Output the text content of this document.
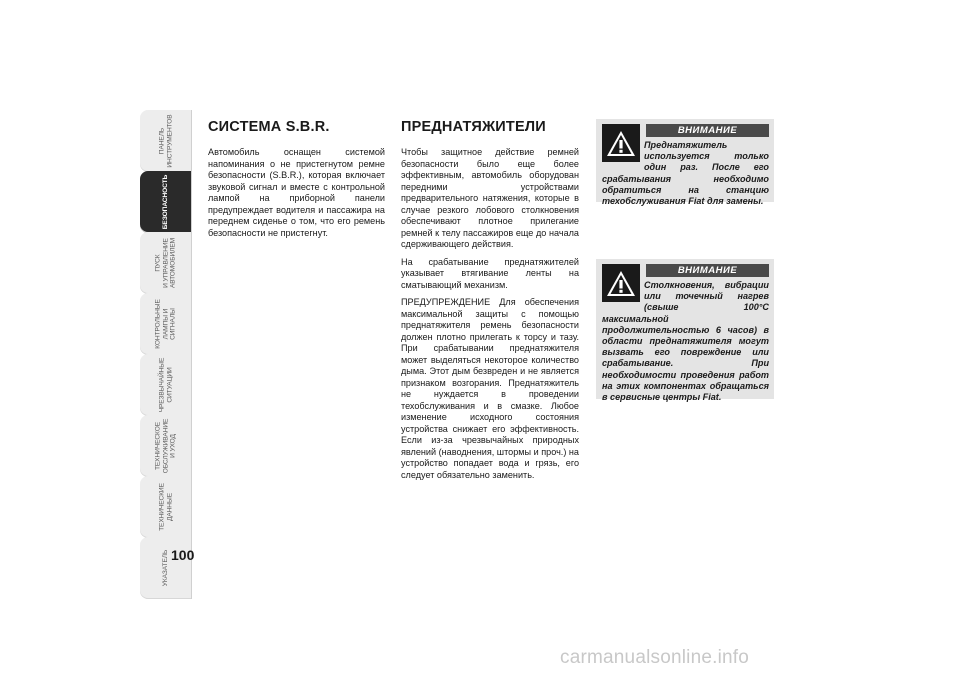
ПАНЕЛЬ
ИНСТРУМЕНТОВ
БЕЗОПАСНОСТЬ
ПУСК
И УПРАВЛЕНИЕ
АВТОМОБИЛЕМ
КОНТРОЛЬНЫЕ
ЛАМПЫ И
СИГНАЛЫ
ЧРЕЗВЫЧАЙНЫЕ
СИТУАЦИИ
ТЕХНИЧЕСКОЕ
ОБСЛУЖИВАНИЕ
И УХОД
ТЕХНИЧЕСКИЕ
ДАННЫЕ
УКАЗАТЕЛЬ 100
СИСТЕМА S.B.R.

Автомобиль оснащен системой напоминания о не пристегнутом ремне безопасности (S.B.R.), которая включает звуковой сигнал и вместе с контрольной лампой на приборной панели предупреждает водителя и пассажира на переднем сиденье о том, что его ремень безопасности не пристегнут.

ПРЕДНАТЯЖИТЕЛИ

Чтобы защитное действие ремней безопасности было еще более эффективным, автомобиль оборудован передними устройствами предварительного натяжения, которые в случае резкого лобового столкновения обеспечивают плотное прилегание ремней к телу пассажиров еще до начала сдерживающего действия.

На срабатывание преднатяжителей указывает втягивание ленты на сматывающий механизм.

ПРЕДУПРЕЖДЕНИЕ Для обеспечения максимальной защиты с помощью преднатяжителя ремень безопасности должен плотно прилегать к торсу и тазу. При срабатывании преднатяжителя может выделяться некоторое количество дыма. Этот дым безвреден и не является признаком возгорания. Преднатяжитель не нуждается в проведении техобслуживания и в смазке. Любое изменение исходного состояния устройства снижает его эффективность. Если из-за чрезвычайных природных явлений (наводнения, штормы и проч.) на устройство попадает вода и грязь, его следует обязательно заменить.

ВНИМАНИЕ
Преднатяжитель используется только один раз. После его срабатывания необходимо обратиться на станцию техобслуживания Fiat для замены.
ВНИМАНИЕ
Столкновения, вибрации или точечный нагрев (свыше 100°C максимальной продолжительностью 6 часов) в области преднатяжителя могут вызвать его повреждение или срабатывание. При необходимости проведения работ на этих компонентах обращаться в сервисные центры Fiat.
carmanualsonline.info
